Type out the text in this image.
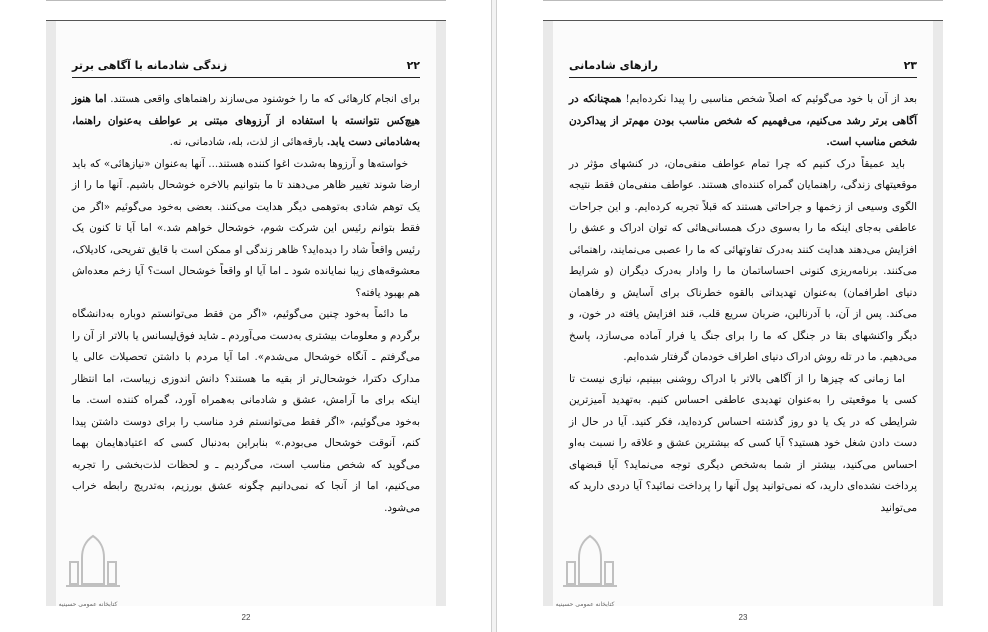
۲۲
زندگی شادمانه با آگاهی برتر

برای انجام کارهائی که ما را خوشنود می‌سازند راهنماهای واقعی هستند. اما هنوز هیچ‌کس نتوانسته با استفاده از آرزوهای مبتنی بر عواطف به‌عنوان راهنما، به‌شادمانی دست یابد. بارقه‌هائی از لذت، بله، شادمانی، نه.

خواسته‌ها و آرزوها به‌شدت اغوا کننده هستند... آنها به‌عنوان «نیازهائی» که باید ارضا شوند تغییر ظاهر می‌دهند تا ما بتوانیم بالاخره خوشحال باشیم. آنها ما را از یک توهم شادی به‌توهمی دیگر هدایت می‌کنند. بعضی به‌خود می‌گوئیم «اگر من فقط بتوانم رئیس این شرکت شوم، خوشحال خواهم شد.» اما آیا تا کنون یک رئیس واقعاً شاد را دیده‌اید؟ ظاهر زندگی او ممکن است با قایق تفریحی، کادیلاک، معشوقه‌های زیبا نمایانده شود ـ اما آیا او واقعاً خوشحال است؟ آیا زخم معده‌اش هم بهبود یافته؟

ما دائماً به‌خود چنین می‌گوئیم، «اگر من فقط می‌توانستم دوباره به‌دانشگاه برگردم و معلومات بیشتری به‌دست می‌آوردم ـ شاید فوق‌لیسانس یا بالاتر از آن را می‌گرفتم ـ آنگاه خوشحال می‌شدم». اما آیا مردم با داشتن تحصیلات عالی یا مدارک دکترا، خوشحال‌تر از بقیه ما هستند؟ دانش اندوزی زیباست، اما انتظار اینکه برای ما آرامش، عشق و شادمانی به‌همراه آورد، گمراه کننده است. ما به‌خود می‌گوئیم، «اگر فقط می‌توانستم فرد مناسب را برای دوست داشتن پیدا کنم، آنوقت خوشحال می‌بودم.» بنابراین به‌دنبال کسی که اعتیادهایمان بهما می‌گوید که شخص مناسب است، می‌گردیم ـ و لحظات لذت‌بخشی را تجربه می‌کنیم، اما از آنجا که نمی‌دانیم چگونه عشق بورزیم، به‌تدریج رابطه خراب می‌شود.

کتابخانه عمومی حسینیه
22
۲۳
رازهای شادمانی

بعد از آن با خود می‌گوئیم که اصلاً شخص مناسبی را پیدا نکرده‌ایم! همچنانکه در آگاهی برتر رشد می‌کنیم، می‌فهمیم که شخص مناسب بودن مهم‌تر از پیداکردن شخص مناسب است.

باید عمیقاً درک کنیم که چرا تمام عواطف منفی‌مان، در کنشهای مؤثر در موقعیتهای زندگی، راهنمایان گمراه کننده‌ای هستند. عواطف منفی‌مان فقط نتیجه الگوی وسیعی از زخمها و جراحاتی هستند که قبلاً تجربه کرده‌ایم. و این جراحات عاطفی به‌جای اینکه ما را به‌سوی درک همسانی‌هائی که توان ادراک و عشق را افزایش می‌دهند هدایت کنند به‌درک تفاوتهائی که ما را عصبی می‌نمایند، راهنمائی می‌کنند. برنامه‌ریزی کنونی احساساتمان ما را وادار به‌درک دیگران (و شرایط دنیای اطرافمان) به‌عنوان تهدیداتی بالقوه خطرناک برای آسایش و رفاهمان می‌کند. پس از آن، با آدرنالین، ضربان سریع قلب، قند افزایش یافته در خون، و دیگر واکنشهای بقا در جنگل که ما را برای جنگ یا فرار آماده می‌سازد، پاسخ می‌دهیم. ما در تله روش ادراک دنیای اطراف خودمان گرفتار شده‌ایم.

اما زمانی که چیزها را از آگاهی بالاتر با ادراک روشنی ببینیم، نیازی نیست تا کسی یا موقعیتی را به‌عنوان تهدیدی عاطفی احساس کنیم. به‌تهدید آمیزترین شرایطی که در یک یا دو روز گذشته احساس کرده‌اید، فکر کنید. آیا در حال از دست دادن شغل خود هستید؟ آیا کسی که بیشترین عشق و علاقه را نسبت به‌او احساس می‌کنید، بیشتر از شما به‌شخص دیگری توجه می‌نماید؟ آیا قبضهای پرداخت نشده‌ای دارید، که نمی‌توانید پول آنها را پرداخت نمائید؟ آیا دردی دارید که می‌توانید

کتابخانه عمومی حسینیه
23
